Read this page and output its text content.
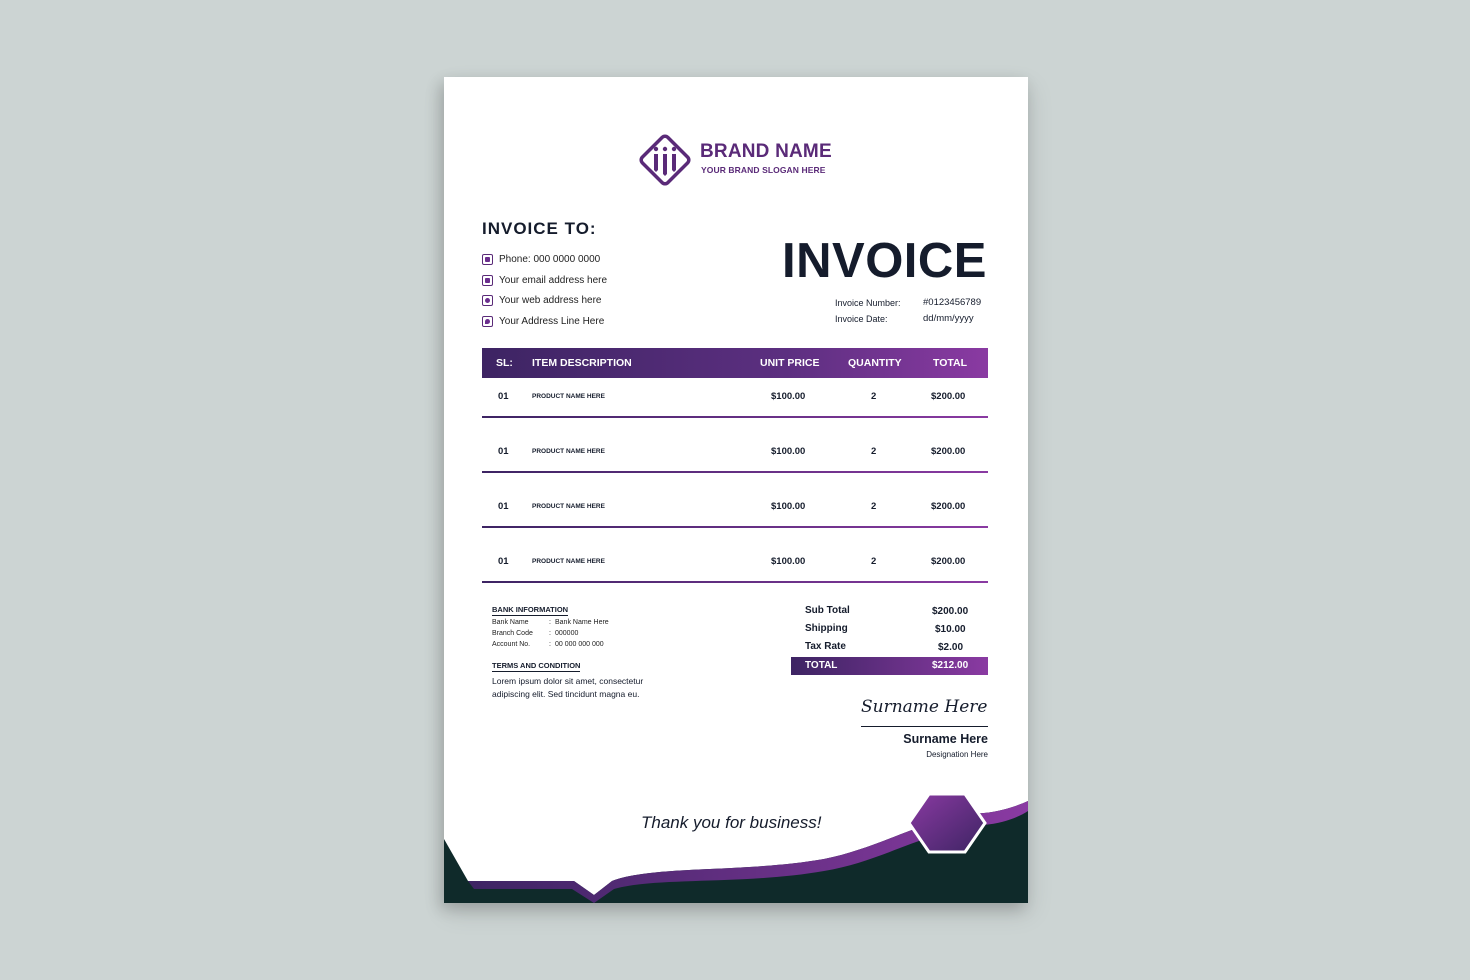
BRAND NAME
YOUR BRAND SLOGAN HERE
INVOICE TO:
Phone: 000 0000 0000
Your email address here
Your web address here
Your Address Line Here
INVOICE
Invoice Number: #0123456789
Invoice Date:	dd/mm/yyyy
SL: ITEM DESCRIPTION	UNIT PRICE	QUANTITY	TOTAL
01	PRODUCT NAME HERE	$100.00	2	$200.00
01	PRODUCT NAME HERE	$100.00	2	$200.00
01	PRODUCT NAME HERE	$100.00	2	$200.00
01	PRODUCT NAME HERE	$100.00	2	$200.00
BANK INFORMATION
Bank Name	: Bank Name Here
Branch Code : 000000
Account No.	: 00 000 000 000
TERMS AND CONDITION
Lorem ipsum dolor sit amet, consectetur adipiscing elit. Sed tincidunt magna eu.
Sub Total	$200.00
Shipping	$10.00
Tax Rate	$2.00
TOTAL	$212.00
Surname Here
Surname Here
Designation Here
Thank you for business!
